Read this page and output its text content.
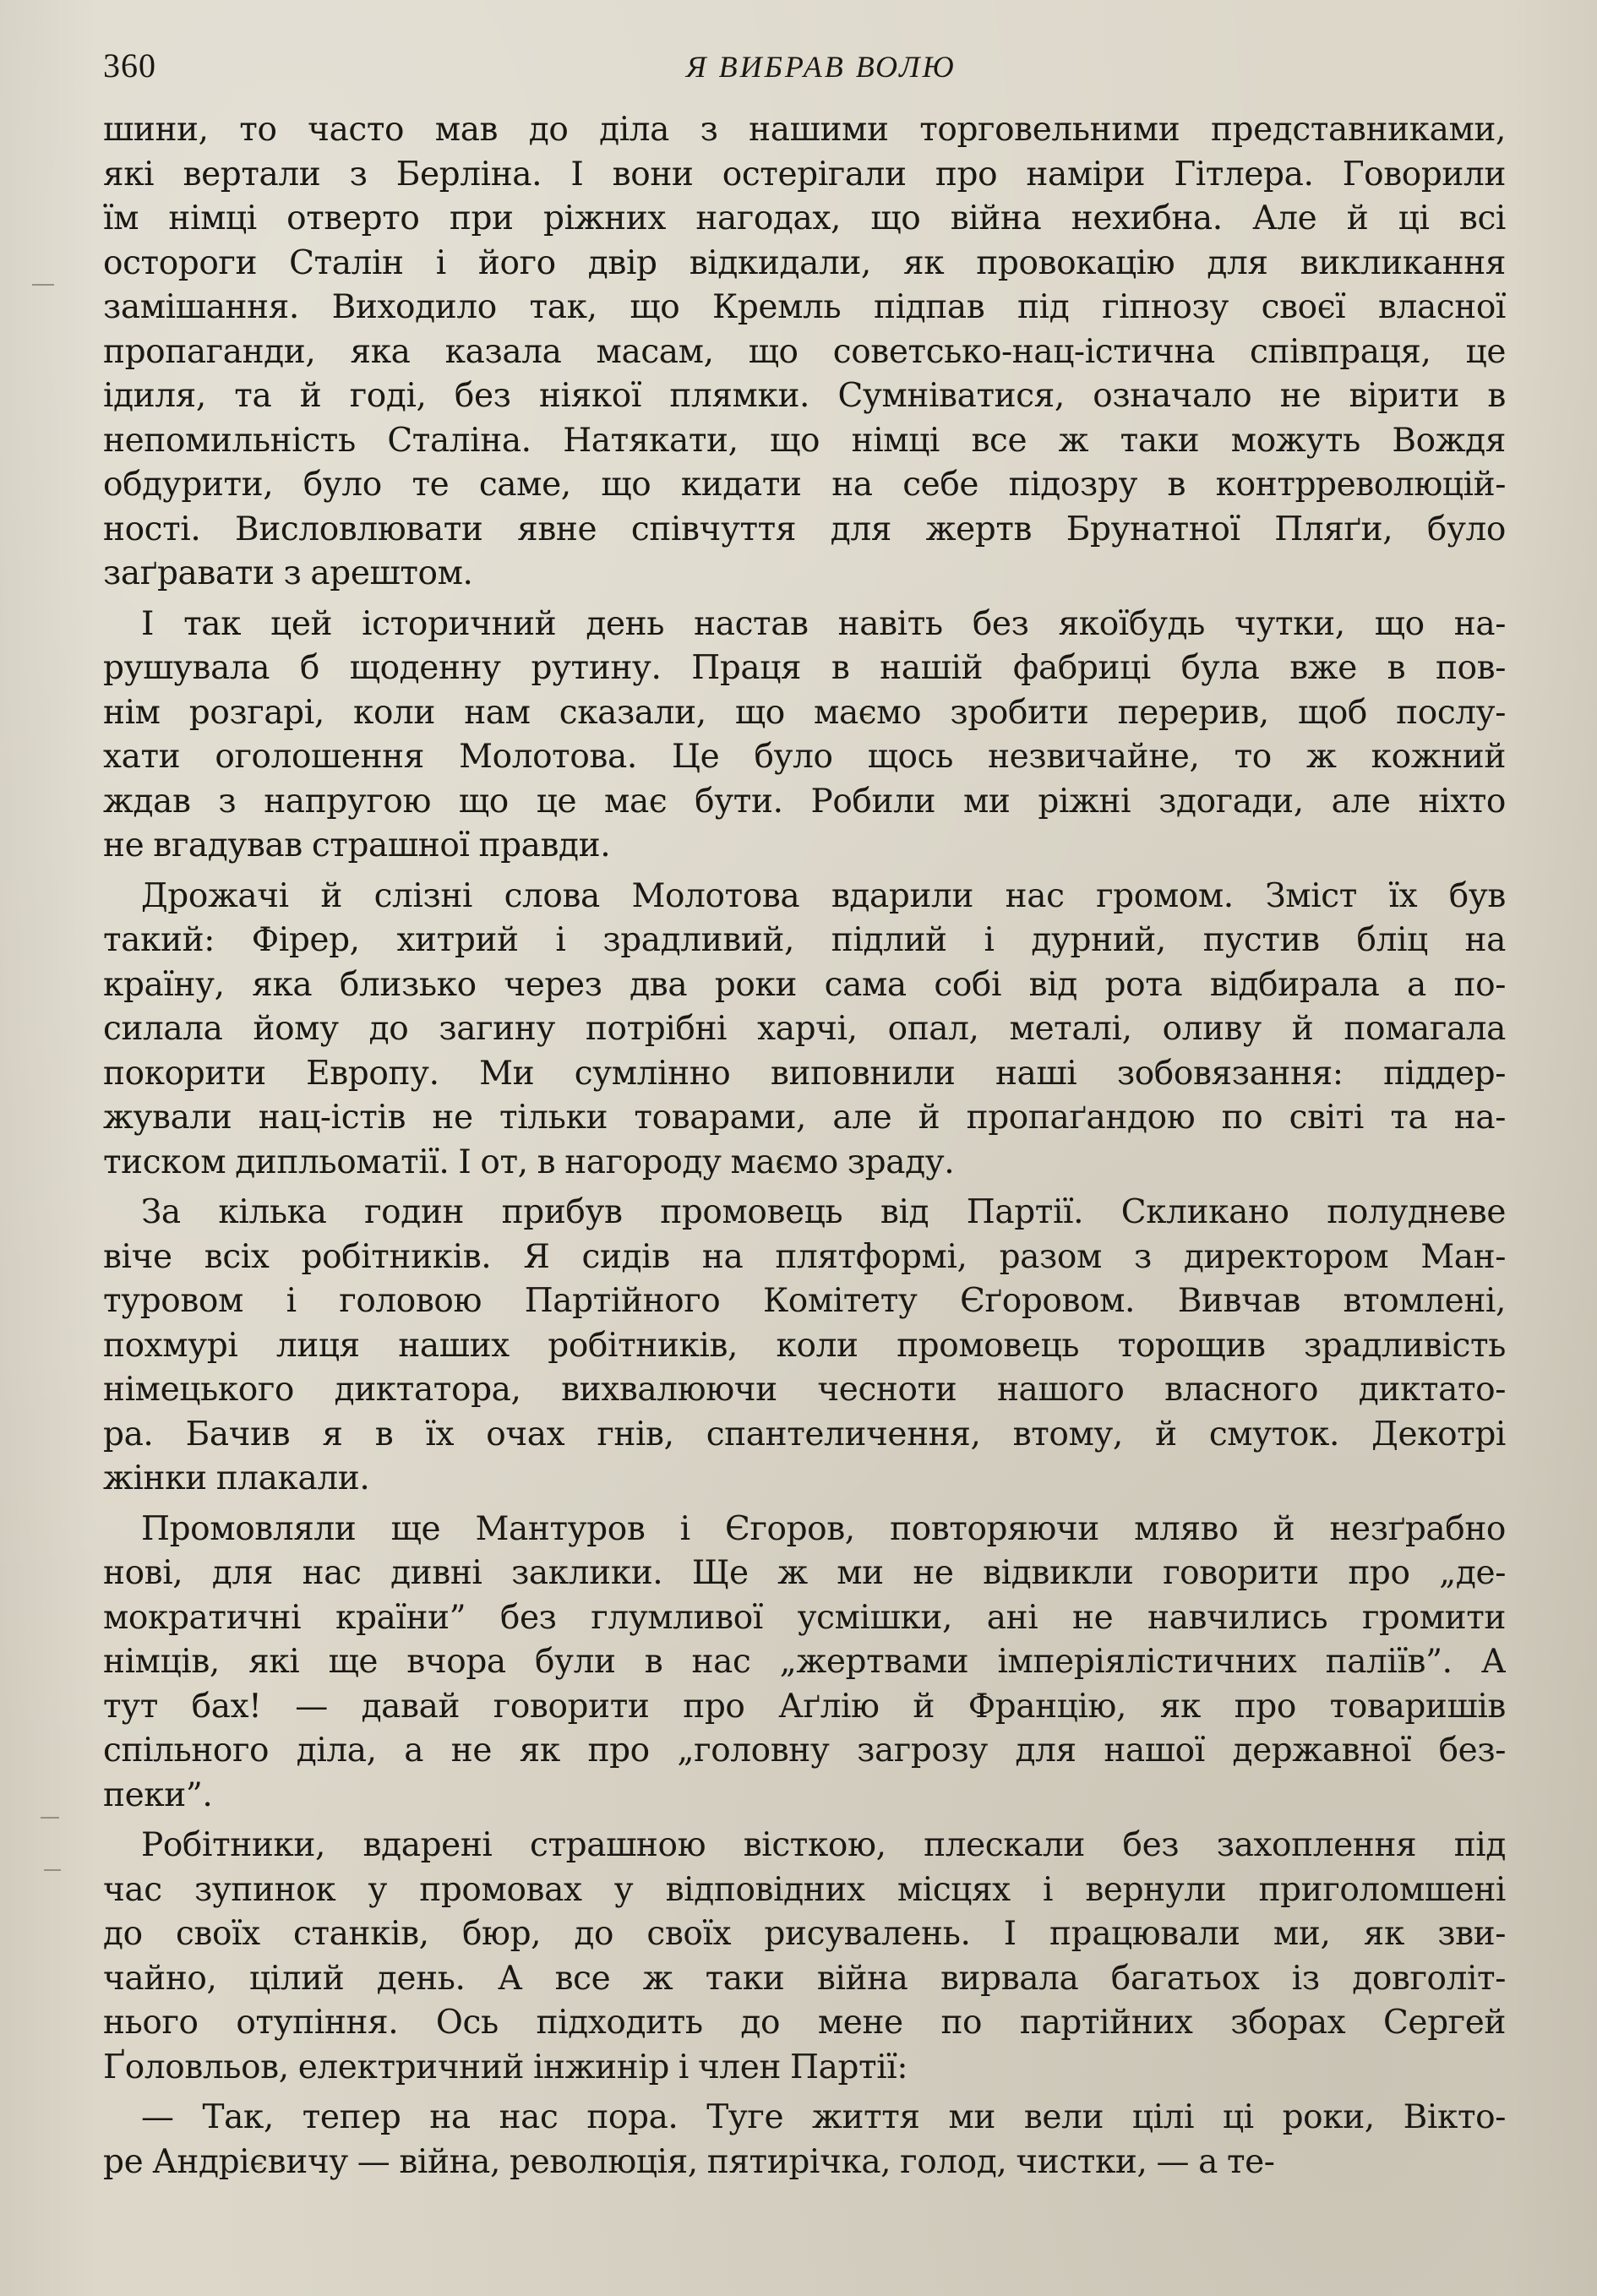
360	Я ВИБРАВ ВОЛЮ
шини, то часто мав до діла з нашими торговельними представниками,
які вертали з Берліна. І вони остерігали про наміри Гітлера. Говорили
їм німці отверто при ріжних нагодах, що війна нехибна. Але й ці всі
остороги Сталін і його двір відкидали, як провокацію для викликання
замішання. Виходило так, що Кремль підпав під гіпнозу своєї власної
пропаганди, яка казала масам, що советсько-нац-істична співпраця, це
ідиля, та й годі, без ніякої плямки. Сумніватися, означало не вірити в
непомильність Сталіна. Натякати, що німці все ж таки можуть Вождя
обдурити, було те саме, що кидати на себе підозру в контрреволюцій-
ності. Висловлювати явне співчуття для жертв Брунатної Пляґи, було
заґравати з арештом.
І так цей історичний день настав навіть без якоїбудь чутки, що на-
рушувала б щоденну рутину. Праця в нашій фабриці була вже в пов-
нім розгарі, коли нам сказали, що маємо зробити перерив, щоб послу-
хати оголошення Молотова. Це було щось незвичайне, то ж кожний
ждав з напругою що це має бути. Робили ми ріжні здогади, але ніхто
не вгадував страшної правди.
Дрожачі й слізні слова Молотова вдарили нас громом. Зміст їх був
такий: Фірер, хитрий і зрадливий, підлий і дурний, пустив бліц на
країну, яка близько через два роки сама собі від рота відбирала а по-
силала йому до загину потрібні харчі, опал, металі, оливу й помагала
покорити Европу. Ми сумлінно виповнили наші зобовязання: піддер-
жували нац-істів не тільки товарами, але й пропаґандою по світі та на-
тиском дипльоматії. І от, в нагороду маємо зраду.
За кілька годин прибув промовець від Партії. Скликано полудневе
віче всіх робітників. Я сидів на плятформі, разом з директором Ман-
туровом і головою Партійного Комітету Єґоровом. Вивчав втомлені,
похмурі лиця наших робітників, коли промовець торощив зрадливість
німецького диктатора, вихвалюючи чесноти нашого власного диктато-
ра. Бачив я в їх очах гнів, спантеличення, втому, й смуток. Декотрі
жінки плакали.
Промовляли ще Мантуров і Єгоров, повторяючи мляво й незґрабно
нові, для нас дивні заклики. Ще ж ми не відвикли говорити про „де-
мократичні країни” без глумливої усмішки, ані не навчились громити
німців, які ще вчора були в нас „жертвами імперіялістичних паліїв”. А
тут бах! — давай говорити про Аґлію й Францію, як про товаришів
спільного діла, а не як про „головну загрозу для нашої державної без-
пеки”.
Робітники, вдарені страшною вісткою, плескали без захоплення під
час зупинок у промовах у відповідних місцях і вернули приголомшені
до своїх станків, бюр, до своїх рисувалень. І працювали ми, як зви-
чайно, цілий день. А все ж таки війна вирвала багатьох із довголіт-
нього отупіння. Ось підходить до мене по партійних зборах Сергей
Ґоловльов, електричний інжинір і член Партії:
— Так, тепер на нас пора. Туге життя ми вели цілі ці роки, Вікто-
ре Андрієвичу — війна, революція, пятирічка, голод, чистки, — а те-
